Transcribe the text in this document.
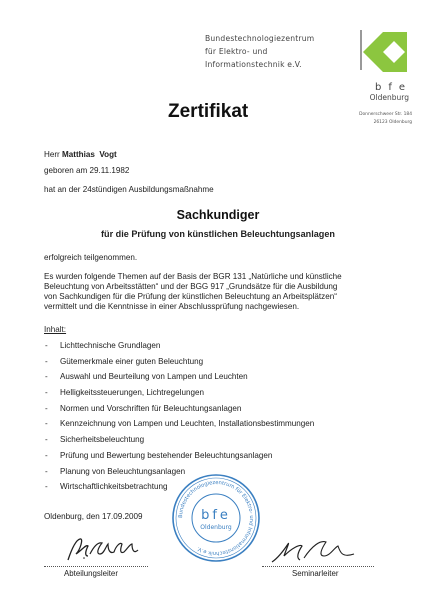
Bundestechnologiezentrum
für Elektro- und
Informationstechnik e.V.
bfe
Oldenburg
Donnerschweer Str. 184
26123 Oldenburg
Zertifikat
Herr Matthias  Vogt
geboren am 29.11.1982
hat an der 24stündigen Ausbildungsmaßnahme
Sachkundiger
für die Prüfung von künstlichen Beleuchtungsanlagen
erfolgreich teilgenommen.
Es wurden folgende Themen auf der Basis der BGR 131 „Natürliche und künstliche
Beleuchtung von Arbeitsstätten“ und der BGG 917 „Grundsätze für die Ausbildung
von Sachkundigen für die Prüfung der künstlichen Beleuchtung an Arbeitsplätzen“
vermittelt und die Kenntnisse in einer Abschlussprüfung nachgewiesen.
Inhalt:
- Lichttechnische Grundlagen
- Gütemerkmale einer guten Beleuchtung
- Auswahl und Beurteilung von Lampen und Leuchten
- Helligkeitssteuerungen, Lichtregelungen
- Normen und Vorschriften für Beleuchtungsanlagen
- Kennzeichnung von Lampen und Leuchten, Installationsbestimmungen
- Sicherheitsbeleuchtung
- Prüfung und Bewertung bestehender Beleuchtungsanlagen
- Planung von Beleuchtungsanlagen
- Wirtschaftlichkeitsbetrachtung
Oldenburg, den 17.09.2009
Abteilungsleiter	Seminarleiter
Bundestechnologiezentrum für Elektro- und Informationstechnik e.V.
bfe
Oldenburg
